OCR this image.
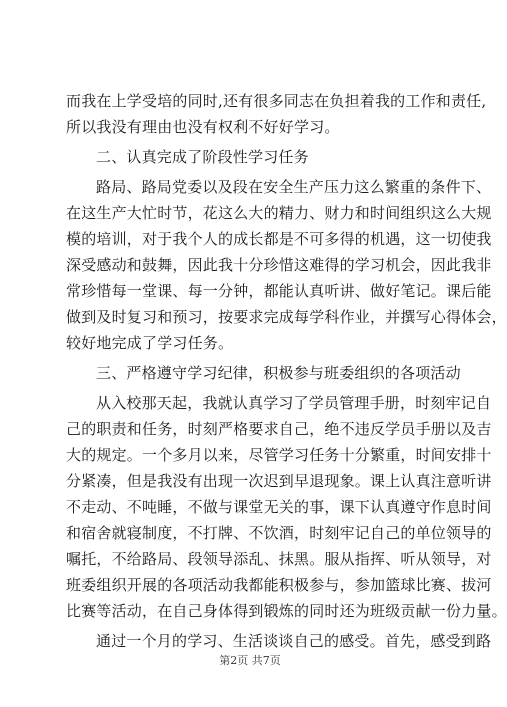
而我在上学受培的同时,还有很多同志在负担着我的工作和责任,
所以我没有理由也没有权利不好好学习。
二、认真完成了阶段性学习任务
路局、路局党委以及段在安全生产压力这么繁重的条件下、
在这生产大忙时节，花这么大的精力、财力和时间组织这么大规
模的培训，对于我个人的成长都是不可多得的机遇，这一切使我
深受感动和鼓舞，因此我十分珍惜这难得的学习机会，因此我非
常珍惜每一堂课、每一分钟，都能认真听讲、做好笔记。课后能
做到及时复习和预习，按要求完成每学科作业，并撰写心得体会，
较好地完成了学习任务。
三、严格遵守学习纪律，积极参与班委组织的各项活动
从入校那天起，我就认真学习了学员管理手册，时刻牢记自
己的职责和任务，时刻严格要求自己，绝不违反学员手册以及吉
大的规定。一个多月以来，尽管学习任务十分繁重，时间安排十
分紧凑，但是我没有出现一次迟到早退现象。课上认真注意听讲
不走动、不吨睡，不做与课堂无关的事，课下认真遵守作息时间
和宿舍就寝制度，不打牌、不饮酒，时刻牢记自己的单位领导的
嘱托，不给路局、段领导添乱、抹黑。服从指挥、听从领导，对
班委组织开展的各项活动我都能积极参与，参加篮球比赛、拔河
比赛等活动，在自己身体得到锻炼的同时还为班级贡献一份力量。
通过一个月的学习、生活谈谈自己的感受。首先，感受到路
第2页 共7页
